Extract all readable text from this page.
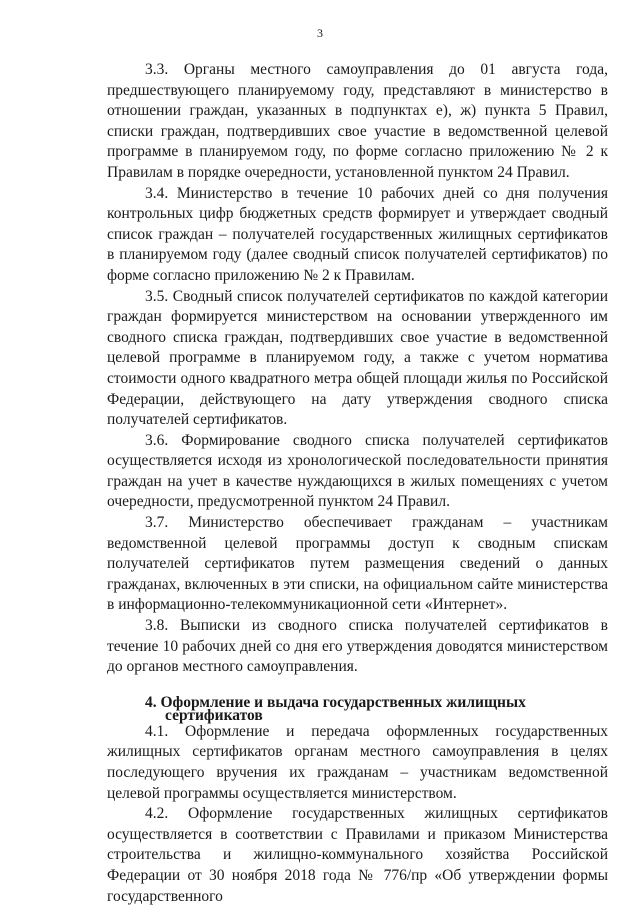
3

3.3. Органы местного самоуправления до 01 августа года, предшествующего планируемому году, представляют в министерство в отношении граждан, указанных в подпунктах е), ж) пункта 5 Правил, списки граждан, подтвердивших свое участие в ведомственной целевой программе в планируемом году, по форме согласно приложению № 2 к Правилам в порядке очередности, установленной пунктом 24 Правил.

3.4. Министерство в течение 10 рабочих дней со дня получения контрольных цифр бюджетных средств формирует и утверждает сводный список граждан – получателей государственных жилищных сертификатов в планируемом году (далее сводный список получателей сертификатов) по форме согласно приложению № 2 к Правилам.

3.5. Сводный список получателей сертификатов по каждой категории граждан формируется министерством на основании утвержденного им сводного списка граждан, подтвердивших свое участие в ведомственной целевой программе в планируемом году, а также с учетом норматива стоимости одного квадратного метра общей площади жилья по Российской Федерации, действующего на дату утверждения сводного списка получателей сертификатов.

3.6. Формирование сводного списка получателей сертификатов осуществляется исходя из хронологической последовательности принятия граждан на учет в качестве нуждающихся в жилых помещениях с учетом очередности, предусмотренной пунктом 24 Правил.

3.7. Министерство обеспечивает гражданам – участникам ведомственной целевой программы доступ к сводным спискам получателей сертификатов путем размещения сведений о данных гражданах, включенных в эти списки, на официальном сайте министерства в информационно-телекоммуникационной сети «Интернет».

3.8. Выписки из сводного списка получателей сертификатов в течение 10 рабочих дней со дня его утверждения доводятся министерством до органов местного самоуправления.

4. Оформление и выдача государственных жилищных
сертификатов

4.1. Оформление и передача оформленных государственных жилищных сертификатов органам местного самоуправления в целях последующего вручения их гражданам – участникам ведомственной целевой программы осуществляется министерством.

4.2. Оформление государственных жилищных сертификатов осуществляется в соответствии с Правилами и приказом Министерства строительства и жилищно-коммунального хозяйства Российской Федерации от 30 ноября 2018 года № 776/пр «Об утверждении формы государственного
